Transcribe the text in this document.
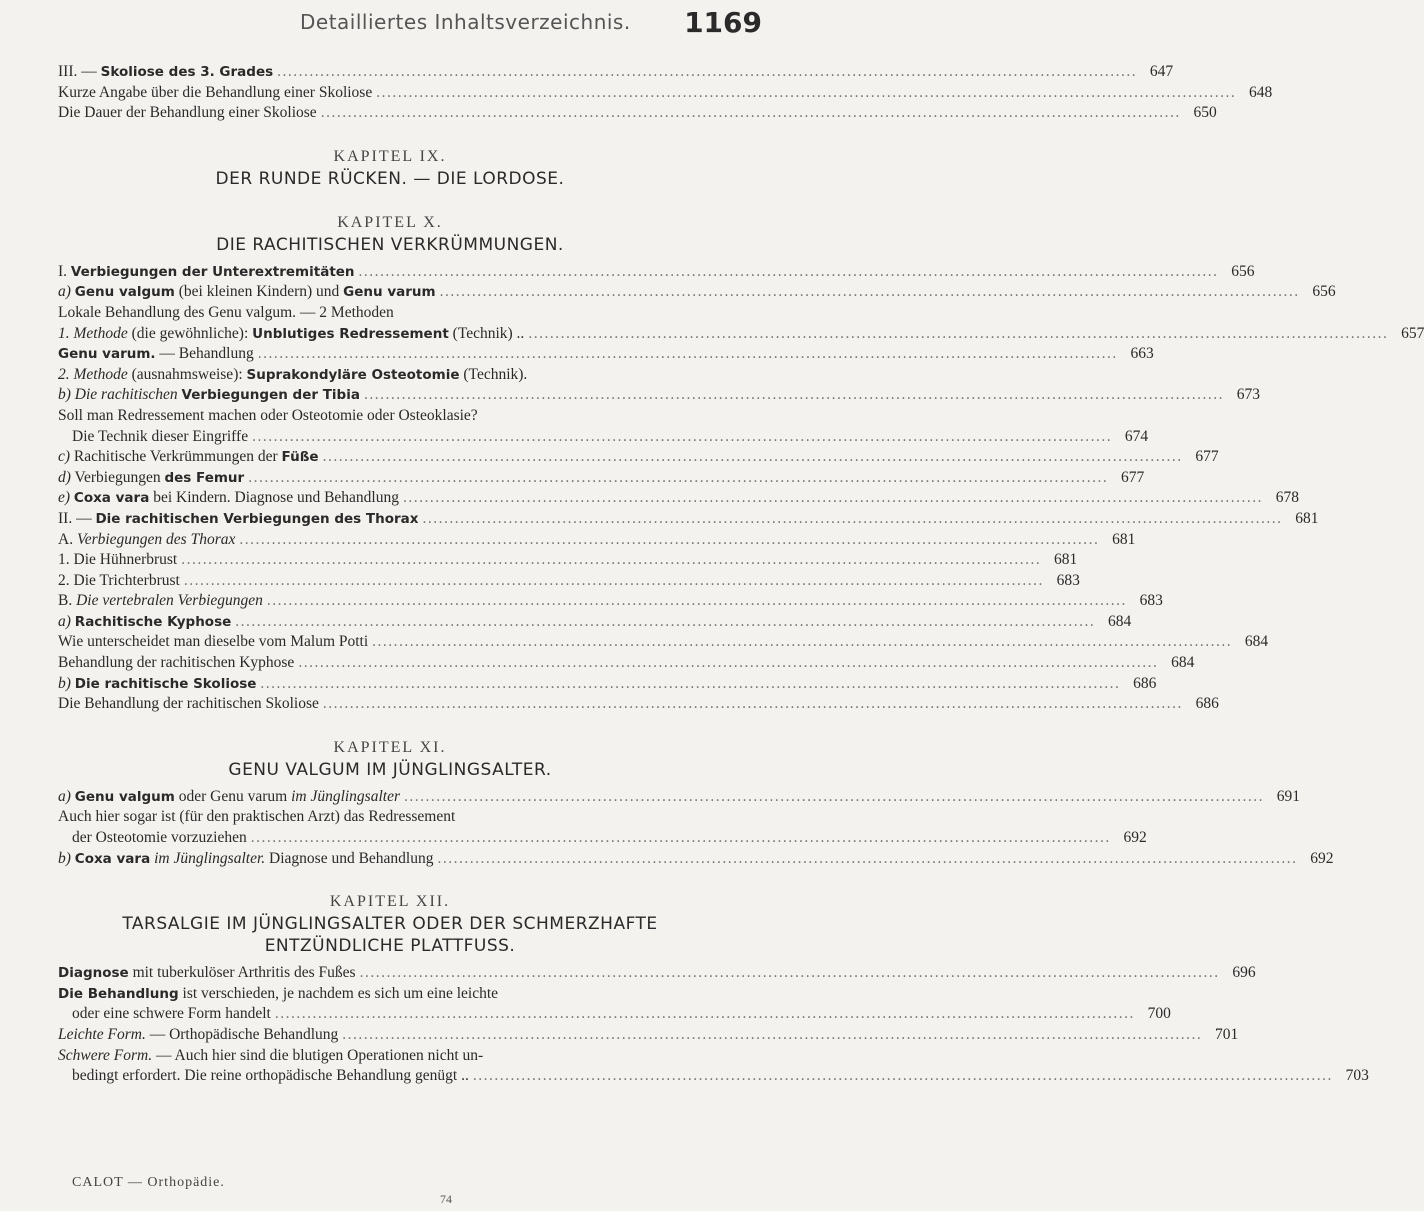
Detailliertes Inhaltsverzeichnis. 1169
III. — Skoliose des 3. Grades .....	647
Kurze Angabe über die Behandlung einer Skoliose .....	648
Die Dauer der Behandlung einer Skoliose .....	650
KAPITEL IX.
DER RUNDE RÜCKEN. — DIE LORDOSE.
KAPITEL X.
DIE RACHITISCHEN VERKRÜMMUNGEN.
I. Verbiegungen der Unterextremitäten .....	656
a) Genu valgum (bei kleinen Kindern) und Genu varum .....	656
Lokale Behandlung des Genu valgum. — 2 Methoden
1. Methode (die gewöhnliche): Unblutiges Redressement (Technik) .. .....	657
Genu varum. — Behandlung .....	663
2. Methode (ausnahmsweise): Suprakondyläre Osteotomie (Technik).
b) Die rachitischen Verbiegungen der Tibia .....	673
Soll man Redressement machen oder Osteotomie oder Osteoklasie?
Die Technik dieser Eingriffe .....	674
c) Rachitische Verkrümmungen der Füße .....	677
d) Verbiegungen des Femur .....	677
e) Coxa vara bei Kindern. Diagnose und Behandlung .....	678
II. — Die rachitischen Verbiegungen des Thorax .....	681
A. Verbiegungen des Thorax .....	681
1. Die Hühnerbrust .....	681
2. Die Trichterbrust .....	683
B. Die vertebralen Verbiegungen .....	683
a) Rachitische Kyphose .....	684
Wie unterscheidet man dieselbe vom Malum Potti .....	684
Behandlung der rachitischen Kyphose .....	684
b) Die rachitische Skoliose .....	686
Die Behandlung der rachitischen Skoliose .....	686
KAPITEL XI.
GENU VALGUM IM JÜNGLINGSALTER.
a) Genu valgum oder Genu varum im Jünglingsalter .....	691
Auch hier sogar ist (für den praktischen Arzt) das Redressement
der Osteotomie vorzuziehen .....	692
b) Coxa vara im Jünglingsalter. Diagnose und Behandlung .....	692
KAPITEL XII.
TARSALGIE IM JÜNGLINGSALTER ODER DER SCHMERZHAFTE
ENTZÜNDLICHE PLATTFUSS.
Diagnose mit tuberkulöser Arthritis des Fußes .....	696
Die Behandlung ist verschieden, je nachdem es sich um eine leichte
oder eine schwere Form handelt .....	700
Leichte Form. — Orthopädische Behandlung .....	701
Schwere Form. — Auch hier sind die blutigen Operationen nicht un-
bedingt erfordert. Die reine orthopädische Behandlung genügt .. .....	703
CALOT — Orthopädie.
74
